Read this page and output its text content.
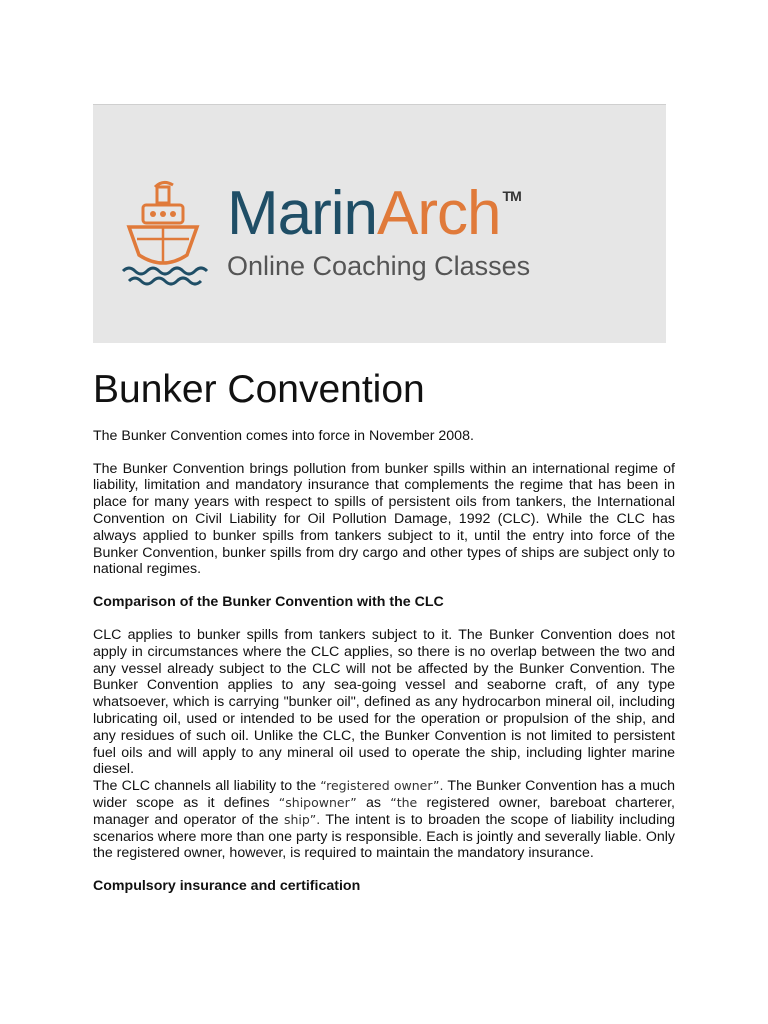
MarinArch ™
Online Coaching Classes
Bunker Convention

The Bunker Convention comes into force in November 2008.

The Bunker Convention brings pollution from bunker spills within an international regime of liability, limitation and mandatory insurance that complements the regime that has been in place for many years with respect to spills of persistent oils from tankers, the International Convention on Civil Liability for Oil Pollution Damage, 1992 (CLC). While the CLC has always applied to bunker spills from tankers subject to it, until the entry into force of the Bunker Convention, bunker spills from dry cargo and other types of ships are subject only to national regimes.

Comparison of the Bunker Convention with the CLC

CLC applies to bunker spills from tankers subject to it. The Bunker Convention does not apply in circumstances where the CLC applies, so there is no overlap between the two and any vessel already subject to the CLC will not be affected by the Bunker Convention. The Bunker Convention applies to any sea-going vessel and seaborne craft, of any type whatsoever, which is carrying "bunker oil", defined as any hydrocarbon mineral oil, including lubricating oil, used or intended to be used for the operation or propulsion of the ship, and any residues of such oil. Unlike the CLC, the Bunker Convention is not limited to persistent fuel oils and will apply to any mineral oil used to operate the ship, including lighter marine diesel.

The CLC channels all liability to the “registered owner”. The Bunker Convention has a much wider scope as it defines “shipowner” as “the registered owner, bareboat charterer, manager and operator of the ship”. The intent is to broaden the scope of liability including scenarios where more than one party is responsible. Each is jointly and severally liable. Only the registered owner, however, is required to maintain the mandatory insurance.

Compulsory insurance and certification
